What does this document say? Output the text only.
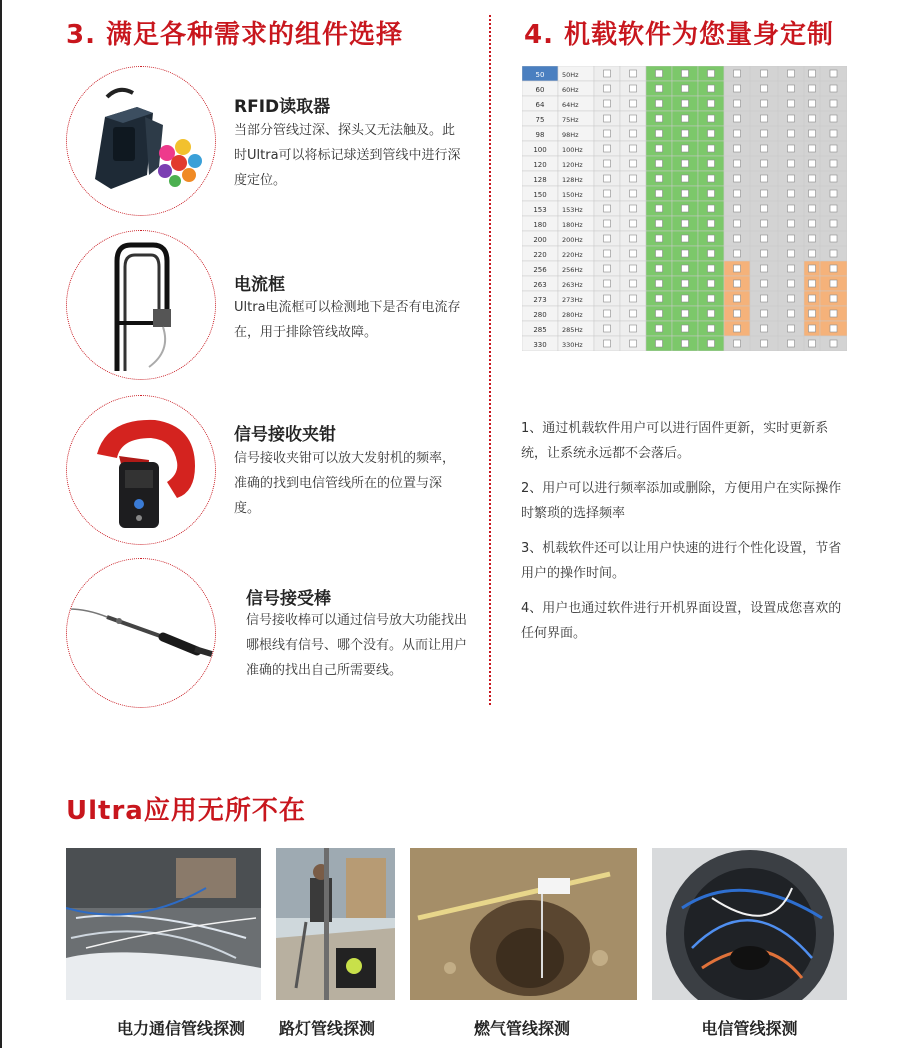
3. 满足各种需求的组件选择	4. 机载软件为您量身定制
RFID读取器

当部分管线过深、探头又无法触及。此时Ultra可以将标记球送到管线中进行深度定位。

电流框

Ultra电流框可以检测地下是否有电流存在，用于排除管线故障。

信号接收夹钳

信号接收夹钳可以放大发射机的频率，准确的找到电信管线所在的位置与深度。

信号接受棒

信号接收棒可以通过信号放大功能找出哪根线有信号、哪个没有。从而让用户准确的找出自己所需要线。

50	50Hz
60	60Hz
64	64Hz
75	75Hz
98	98Hz
100 100Hz
120 120Hz
128 128Hz
150 150Hz
153 153Hz
180 180Hz
200 200Hz
220 220Hz
256 256Hz
263 263Hz
273 273Hz
280 280Hz
285 285Hz
330 330Hz
1、通过机载软件用户可以进行固件更新，实时更新系统，让系统永远都不会落后。
2、用户可以进行频率添加或删除，方便用户在实际操作时繁琐的选择频率
3、机载软件还可以让用户快速的进行个性化设置，节省用户的操作时间。
4、用户也通过软件进行开机界面设置，设置成您喜欢的任何界面。
Ultra应用无所不在
电力通信管线探测	路灯管线探测	燃气管线探测	电信管线探测
